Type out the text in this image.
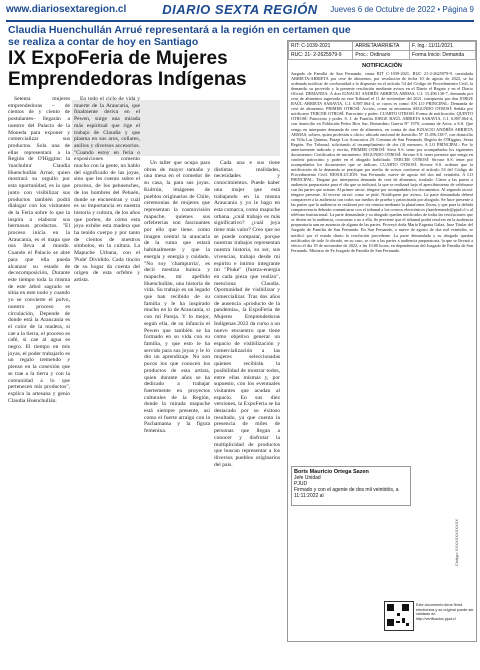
www.diariosextaregion.cl	DIARIO SEXTA REGIÓN	Jueves 6 de Octubre de 2022 • Página 9
Claudia Huenchullán Arrué representará a la región en certamen que se realiza a contar de hoy en Santiago
IX ExpoFeria de Mujeres Emprendedoras Indígenas

Setenta mujeres emprendedoras – de cientos de y ciento de postulantes– llegarán a nuestro del Palacio de la Moneda para exponer y comercializar sus productos. Sola una de ellas representará a la Región de O'Higgins: la 'machultra' Claudia Huenchullán Arrué, quien mostrará su orgullo por esta oportunidad, es la que junto con visibilizar sus productos también podrá dialogar con los visitantes de la Feria sobre lo que la inspira a elaborar sus hermosos productos. "El proceso inicia en la Araucanía, es el mapa que nos lleva al mundo. Cuando el Palacio se abre para que ella pueda alcanzar su estado de decocomposición, Durante este tiempo toda la misma de este árbol sagrado se sitúa en este nudo y cuando yo se convierte el polvo, nuestro proceso es circulación, Depende de donde está la Araucanía es el color de la madera, si cae a la tierra, el proceso es café, si cae al agua es negro. El tiempo en mis joyas, el poder trabajarlo es un regalo tremendo y pienso en la conexión que se trae a la tierra y con la comunidad a lo que pertenecen mis productos", explica la artesana y genio Claudia Huenchullán.

En todo el ciclo de vida y muerte de la Araucaria, que finalmente deriva en el Pewen, surge una mirada más espiritual que rige el trabajo de Claudia y que plasma en sus aros, collares, anillos y diversos accesorios. "Cuando estoy en feria o exposiciones comento mucho con la gente, no hablo del significado de las joyas, sino que les cuento sobre el proceso, de los pehuenches, de los hombres del Pehuén, donde se encuentran y cuál es su importancia en nuestra historia y cultura, de los años que porten, de cómo esta joya exhibe esta madera que ha tenido cuerpo y por tanto de cientos de nuestros símbolos, en la cultura. La Mapuche Urbana, con el 'Pude' Dividido. Cada rincón de su hogar da cuenta del origen de esta orfebre y artista.

Un taller que ocupa para obras de mayor tamaño y una mesa en el comedor de su casa, la para sus joyas. Kultrún, imágenes de pueblos originarios de Chile, ceremonias de mujeres que representan la cosmovisión mapuche, quienes sus orfebrerías son fascinantes por ello que tiene. como imagen central la araucaria de la ruma que estará habitualmente y que la energía y energía y cuidado. "No soy 'champurria', es decir mestiza huinca y mapuche, mi apellido Huenchullán, una historia de vida. Su trabajo es un legado que han recibido de su familia y le ha inspirado mucho en lo de Araucanía, si con mi Pareja. Y lo mejor, según ella, de su infancia el Pewen que también se ha formado en su vida con su familia, y que esto le ha servido para sus joyas y le lo dio un aprendizaje. No son pocos los que conocen los productos de esta artista, quien durante años se ha dedicado a trabajar fuertemente en proyectos culturales de la Región, donde la mirada mapuche está siempre presente, así como el fuerte arraigo con la Pachamama y la figura femenina.

Cada una e sus tiene distintas realidades, necesidades y conocimientos. Puede haber una mujer que está trabajando en la misma Araucanía y yo le hago en esta comarca, como mapuche urbana. ¿cuál trabajo es más significativo? ¿cuál joya tiene más valor? Creo que no se puede comparar, porque nuestras trabajos representan nuestra historia, su ser, sus vivencias, trabajo desde mi espiritu e íntimo integrante mi "Piuke" (fuerza-energía en cada pieza que realizo", menciona Claudia. Oportunidad de visibilizar y comercializar. Tras dos años de ausencia «producto de la pandemia», la ExpoFeria de Mujeres Emprendedoras Indígenas 2022 da curso a un nuevo encuentro que tiene como objetivo generar un espacio de visibilización y comercialización a las mujeres seleccionadas quienes recibirán la posibilidad de mostrar todos, entre ellas mismas y, por supuesto, con los eventuales visitantes que acudan al espacio. En sus diez versiones, la ExpoFeria se ha destacado por su éxitoso resultado, ya que cuenta la presencia de miles de personas que llegan a conocer y disfrutar la multiplicidad de productos que buscan representar a los diversos pueblos originarios del país.

RIT: C-1039-2021	ARRIETA/ARRIETA	F. Ing.: 11/11/2021
RUC: 21- 2-2625979-9	Proc.: Ordinario	Forma Inicio: Demanda
NOTIFICACIÓN
Juzgado de Familia de San Fernando, causa RIT C-1039-2021, RUC 21-2-2625979-9, caratulada ARRIETA/ARRIETA por cese de alimentos, por resolución de fecha 10 de agosto de 2022, se ha ordenado notificar de conformidad a lo dispuesto en el artículo 54 del Código de Procedimiento Civil, la demanda, su proveído y la presente resolución mediante avisos en el Diario el Regato y en el Diario Oficial. DEMANDA: A don IGNACIO ANDRÉS ARRIETA ARMAS, C.I. 15.496.138-7, demanda por cese de alimentos ingresada en este Tribunal el 11 de noviembre del 2021, interpuesta por don JORGE RAÚL ARRIETA SARAVIA, C.I. 6.887.064-4, se cuyos es como: EN LO PRINCIPAL: Demanda de cese de alimentos; PRIMER OTROSÍ: Acción, como se encuentra SEGUNDO OTROSÍ: Señala por notificarse TERCER OTROSÍ: Patrocinio y poder. CUARTO OTROSÍ: Forma de notificación. QUINTO OTROSÍ: Patrocinio y poder. S. J. de Familia JORGE RAÚL ARRIETA SARAVIA, C.I. 6.887.064-4, con domicilio en Población Pedro Ríos Sur, Bernardino Guerra Nº 1970, comuna de Arica, a S.S. Que vengo en interponer demanda de cese de alimentos, en contra de don IGNACIO ANDRÉS ARRIETA ARMAS, soltero, quien profesión u oficio, ubicado nacional de domicilio Nº 15.496.138-7, con domicilio en Villa Las Quintas, Pasaje Los Araucarios 29, Comuna de San Fernando, Región de O'Higgins, Sexta Región. Por Tribunal, solicitando al incumplimiento de dos (4) menores; A LO PRINCIPAL: Por lo anteriormente indicado y escrito, PRIMER OTROSÍ: Sirva S.S. tener por acompañados los siguientes documentos: Certificados de nacimiento. SEGUNDO OTROSÍ: Sírvase S.S. tener presente que vengo en conferir patrocinio y poder en el abogado habilitado. TERCER OTROSÍ: Sírvase S.S. tener por acompañados los documentos que se indican. CUARTO OTROSÍ: Sírvase S.S. ordenar que la notificación de la demanda se practique por medio de avisos conforme al artículo 54 del Código de Procedimiento Civil. RESOLUCIÓN: San Fernando, nueve de agosto del dos mil veintidós. A LO PRINCIPAL: Téngase por interpuesta demanda de cese de alimentos, traslado. Cítese a las partes a audiencia preparatoria para el día que se indicará, la que se realizará bajo el apercibimiento de celebrarse con las partes que asistan. Al primer otrosí: téngase por acompañados los documentos. Al segundo otrosí: téngase presente. Al tercero otrosí: como se pide. Notifíquese por avisos. La parte demandada deberá comparecer a la audiencia con todos sus medios de prueba y patrocinada por abogado. Se hace presente a las partes que la audiencia se realizará por vía remota mediante la plataforma Zoom, y que para la debida comparecencia deberán comunicarse con el tribunal a los correos electrónicos jfsanfernando@pjud.cl o al teléfono institucional. La parte demandada y su abogado quedan notificados de todas las resoluciones que se dicten en la audiencia, concurran o no a ella. Se previene que el tribunal podrá resolver en la audiencia preparatoria aun en ausencia de alguna de las partes. Proveyó doña María Eugenia Galaz, Juez Titular del Juzgado de Familia de San Fernando. En San Fernando, a nueve de agosto de dos mil veintidós, se notificó por el estado diario la resolución precedente. La parte demandada y su abogado quedan notificados de todo lo obrado, en su caso, se cite a las partes a audiencia preparatoria, la que se llevará a efecto el día 19 de noviembre de 2022, a las 10:00 horas, en dependencias del Juzgado de Familia de San Fernando. Ministro de Fe Juzgado de Familia de San Fernando.
Boris Mauricio Ortega Sazen
Jefe Unidad
PJUD
Firmado y con el agente de dos mil veintidós, a 11:11:2022 al
Este documento tiene firma electrónica y su original puede ser validado en http://verificadoc.pjud.cl
Código: XXXXXXXXXXXX
